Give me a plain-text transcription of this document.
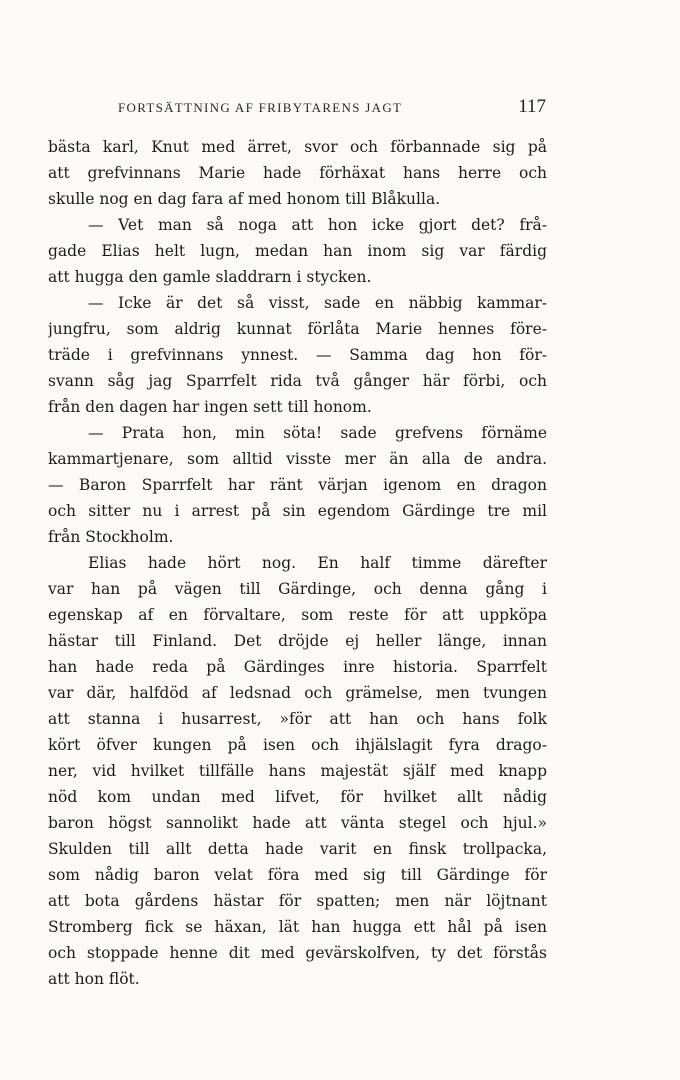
FORTSÄTTNING AF FRIBYTARENS JAGT	117
bästa karl, Knut med ärret, svor och förbannade sig på
att grefvinnans Marie hade förhäxat hans herre och
skulle nog en dag fara af med honom till Blåkulla.
— Vet man så noga att hon icke gjort det? frå-
gade Elias helt lugn, medan han inom sig var färdig
att hugga den gamle sladdrarn i stycken.
— Icke är det så visst, sade en näbbig kammar-
jungfru, som aldrig kunnat förlåta Marie hennes före-
träde i grefvinnans ynnest. — Samma dag hon för-
svann såg jag Sparrfelt rida två gånger här förbi, och
från den dagen har ingen sett till honom.
— Prata hon, min söta! sade grefvens förnäme
kammartjenare, som alltid visste mer än alla de andra.
— Baron Sparrfelt har ränt värjan igenom en dragon
och sitter nu i arrest på sin egendom Gärdinge tre mil
från Stockholm.
Elias hade hört nog. En half timme därefter
var han på vägen till Gärdinge, och denna gång i
egenskap af en förvaltare, som reste för att uppköpa
hästar till Finland. Det dröjde ej heller länge, innan
han hade reda på Gärdinges inre historia. Sparrfelt
var där, halfdöd af ledsnad och grämelse, men tvungen
att stanna i husarrest, »för att han och hans folk
kört öfver kungen på isen och ihjälslagit fyra drago-
ner, vid hvilket tillfälle hans majestät själf med knapp
nöd kom undan med lifvet, för hvilket allt nådig
baron högst sannolikt hade att vänta stegel och hjul.»
Skulden till allt detta hade varit en finsk trollpacka,
som nådig baron velat föra med sig till Gärdinge för
att bota gårdens hästar för spatten; men när löjtnant
Stromberg fick se häxan, lät han hugga ett hål på isen
och stoppade henne dit med gevärskolfven, ty det förstås
att hon flöt.
